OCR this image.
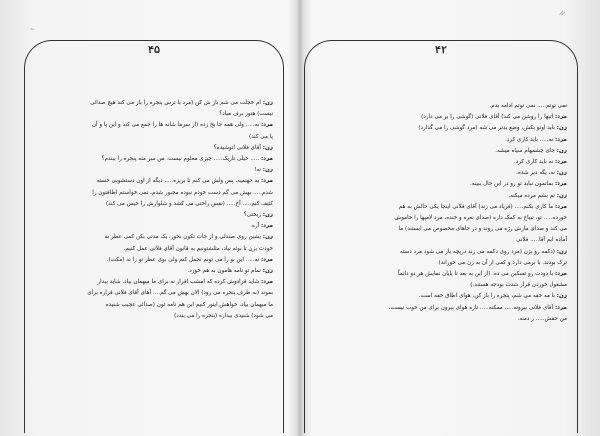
~
//
۴۵
زن: ام خجلت می شم باز ش کن (مرد با ترس پنجره را باز می کند هیچ صدائی
نیست) هنوز برف میاد؟
مرد: نه..... ولی همه جا یخ زده (از سرما شانه ها را جمع می کند و این پا و آن
پا می کند)
زن: آقای فلانی انوشیده؟
مرد: ..... خیلی تاریک..... چیزی معلوم نیست. من سر منه پنجره را ببندم؟
زن: نه!
مرد: یه جهنمیه، پس ولش می کنم تا بریزه..... دیگه از اون دستشویی خسته
شدم..... بهش می گم دست خودم نبوده مجبور شدم، نمی خواستم اطاقتون را
کثیف کنم..... آخ..... (نفس راحتی می کشد و شلوارش را خیس می کند)
زن: ریختی؟
مرد: آره.
زن: بشین روی صندلی و از جات تکون نخور، یک مدتی بکن کمی عطر به
خودت بزن تا بوئه نیاد، مثلشتونیم به قانون آقای فلانی عمل کنیم.
مرد: نه..... این بو را می تونم تحمل کنم ولی بوی عطر نو را نه (مکث).
زن: تمام تو نامه هامون به هم خورد.
مرد: شاید قرادوش کرده که امشب اقرار نه برای ما میهمان بیاد، شاید بیدار
بموند (به طرف پنجره می رود) الان بهش می گم.... آهای آقای فلانی قراره برای
ما میهمان بیاد، خواهش اینور کنیم این هم نامه تون (صدائی عجیب شنیده
می شود) شنیدی بیداره (پنجره را می بندد)
۴۲
نمی توتم..... نمی توتم ادامه بدم.
مرد: اتیها را روشن می کند) آقای فلانی (گوشی را بر می دارد)
زن: باید اونو بکش، وضع بدتر می شه (مرد گوشی را می گذارد)
مرد: نه..... باید کاری کرد.
زن: جای چشمهام سیاه میشه.
مرد: نه باید کاری کرد.
زن: نه، یگه دیر شده.
مرد: بمانمون نباید تو رو در این حال ببینه.
زن: تم بشم مرده میکنه.
مرد: ما کاری بکنم..... (فریاد می زند) آقای فلانی اینجا یکی حالش به هم
خورده..... تو، تبیاح به کمک داره (صدای نعره و خنده، مرد لامپها را خاموش
می کند و صدای مارش رژه می روند و در جاهای مخصوص می ایستند) ما
آماده ایم آقا..... فلانی
زن: (دکمه رو بزن (مرد روی دکمه می زند درپچه باز می شود مرد دسته
ترک بودند. با برمی دارد و کمی از آن به زن می خوراند)
مرد: با دودت رو تسکین می ده. (از این به بعد تا پایان نمایش هر دو دائماً
مشغول خوردن قرار شدت بودجه هستند.)
زن: با مه خفه می شم، پنجره را باز کن، هوای اطاق خفه است.
مرد: آقای فلانی بیرونه..... ممکنه..... تازه هوای بیرون برای من خوب نیست،
من حقش..... ر دمنه.
